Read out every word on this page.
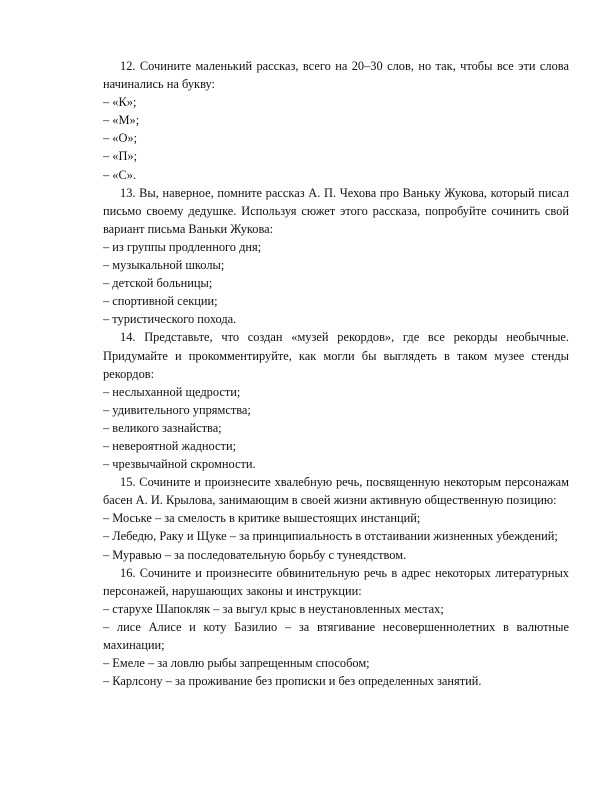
12. Сочините маленький рассказ, всего на 20–30 слов, но так, чтобы все эти слова начинались на букву:

– «К»;
– «М»;
– «О»;
– «П»;
– «С».

13. Вы, наверное, помните рассказ А. П. Чехова про Ваньку Жукова, который писал письмо своему дедушке. Используя сюжет этого рассказа, попробуйте сочинить свой вариант письма Ваньки Жукова:

– из группы продленного дня;
– музыкальной школы;
– детской больницы;
– спортивной секции;
– туристического похода.

14. Представьте, что создан «музей рекордов», где все рекорды необычные. Придумайте и прокомментируйте, как могли бы выглядеть в таком музее стенды рекордов:

– неслыханной щедрости;
– удивительного упрямства;
– великого зазнайства;
– невероятной жадности;
– чрезвычайной скромности.

15. Сочините и произнесите хвалебную речь, посвященную некоторым персонажам басен А. И. Крылова, занимающим в своей жизни активную общественную позицию:

– Моське – за смелость в критике вышестоящих инстанций;
– Лебедю, Раку и Щуке – за принципиальность в отстаивании жизненных убеждений;
– Муравью – за последовательную борьбу с тунеядством.

16. Сочините и произнесите обвинительную речь в адрес некоторых литературных персонажей, нарушающих законы и инструкции:

– старухе Шапокляк – за выгул крыс в неустановленных местах;
– лисе Алисе и коту Базилио – за втягивание несовершеннолетних в валютные махинации;
– Емеле – за ловлю рыбы запрещенным способом;
– Карлсону – за проживание без прописки и без определенных занятий.
